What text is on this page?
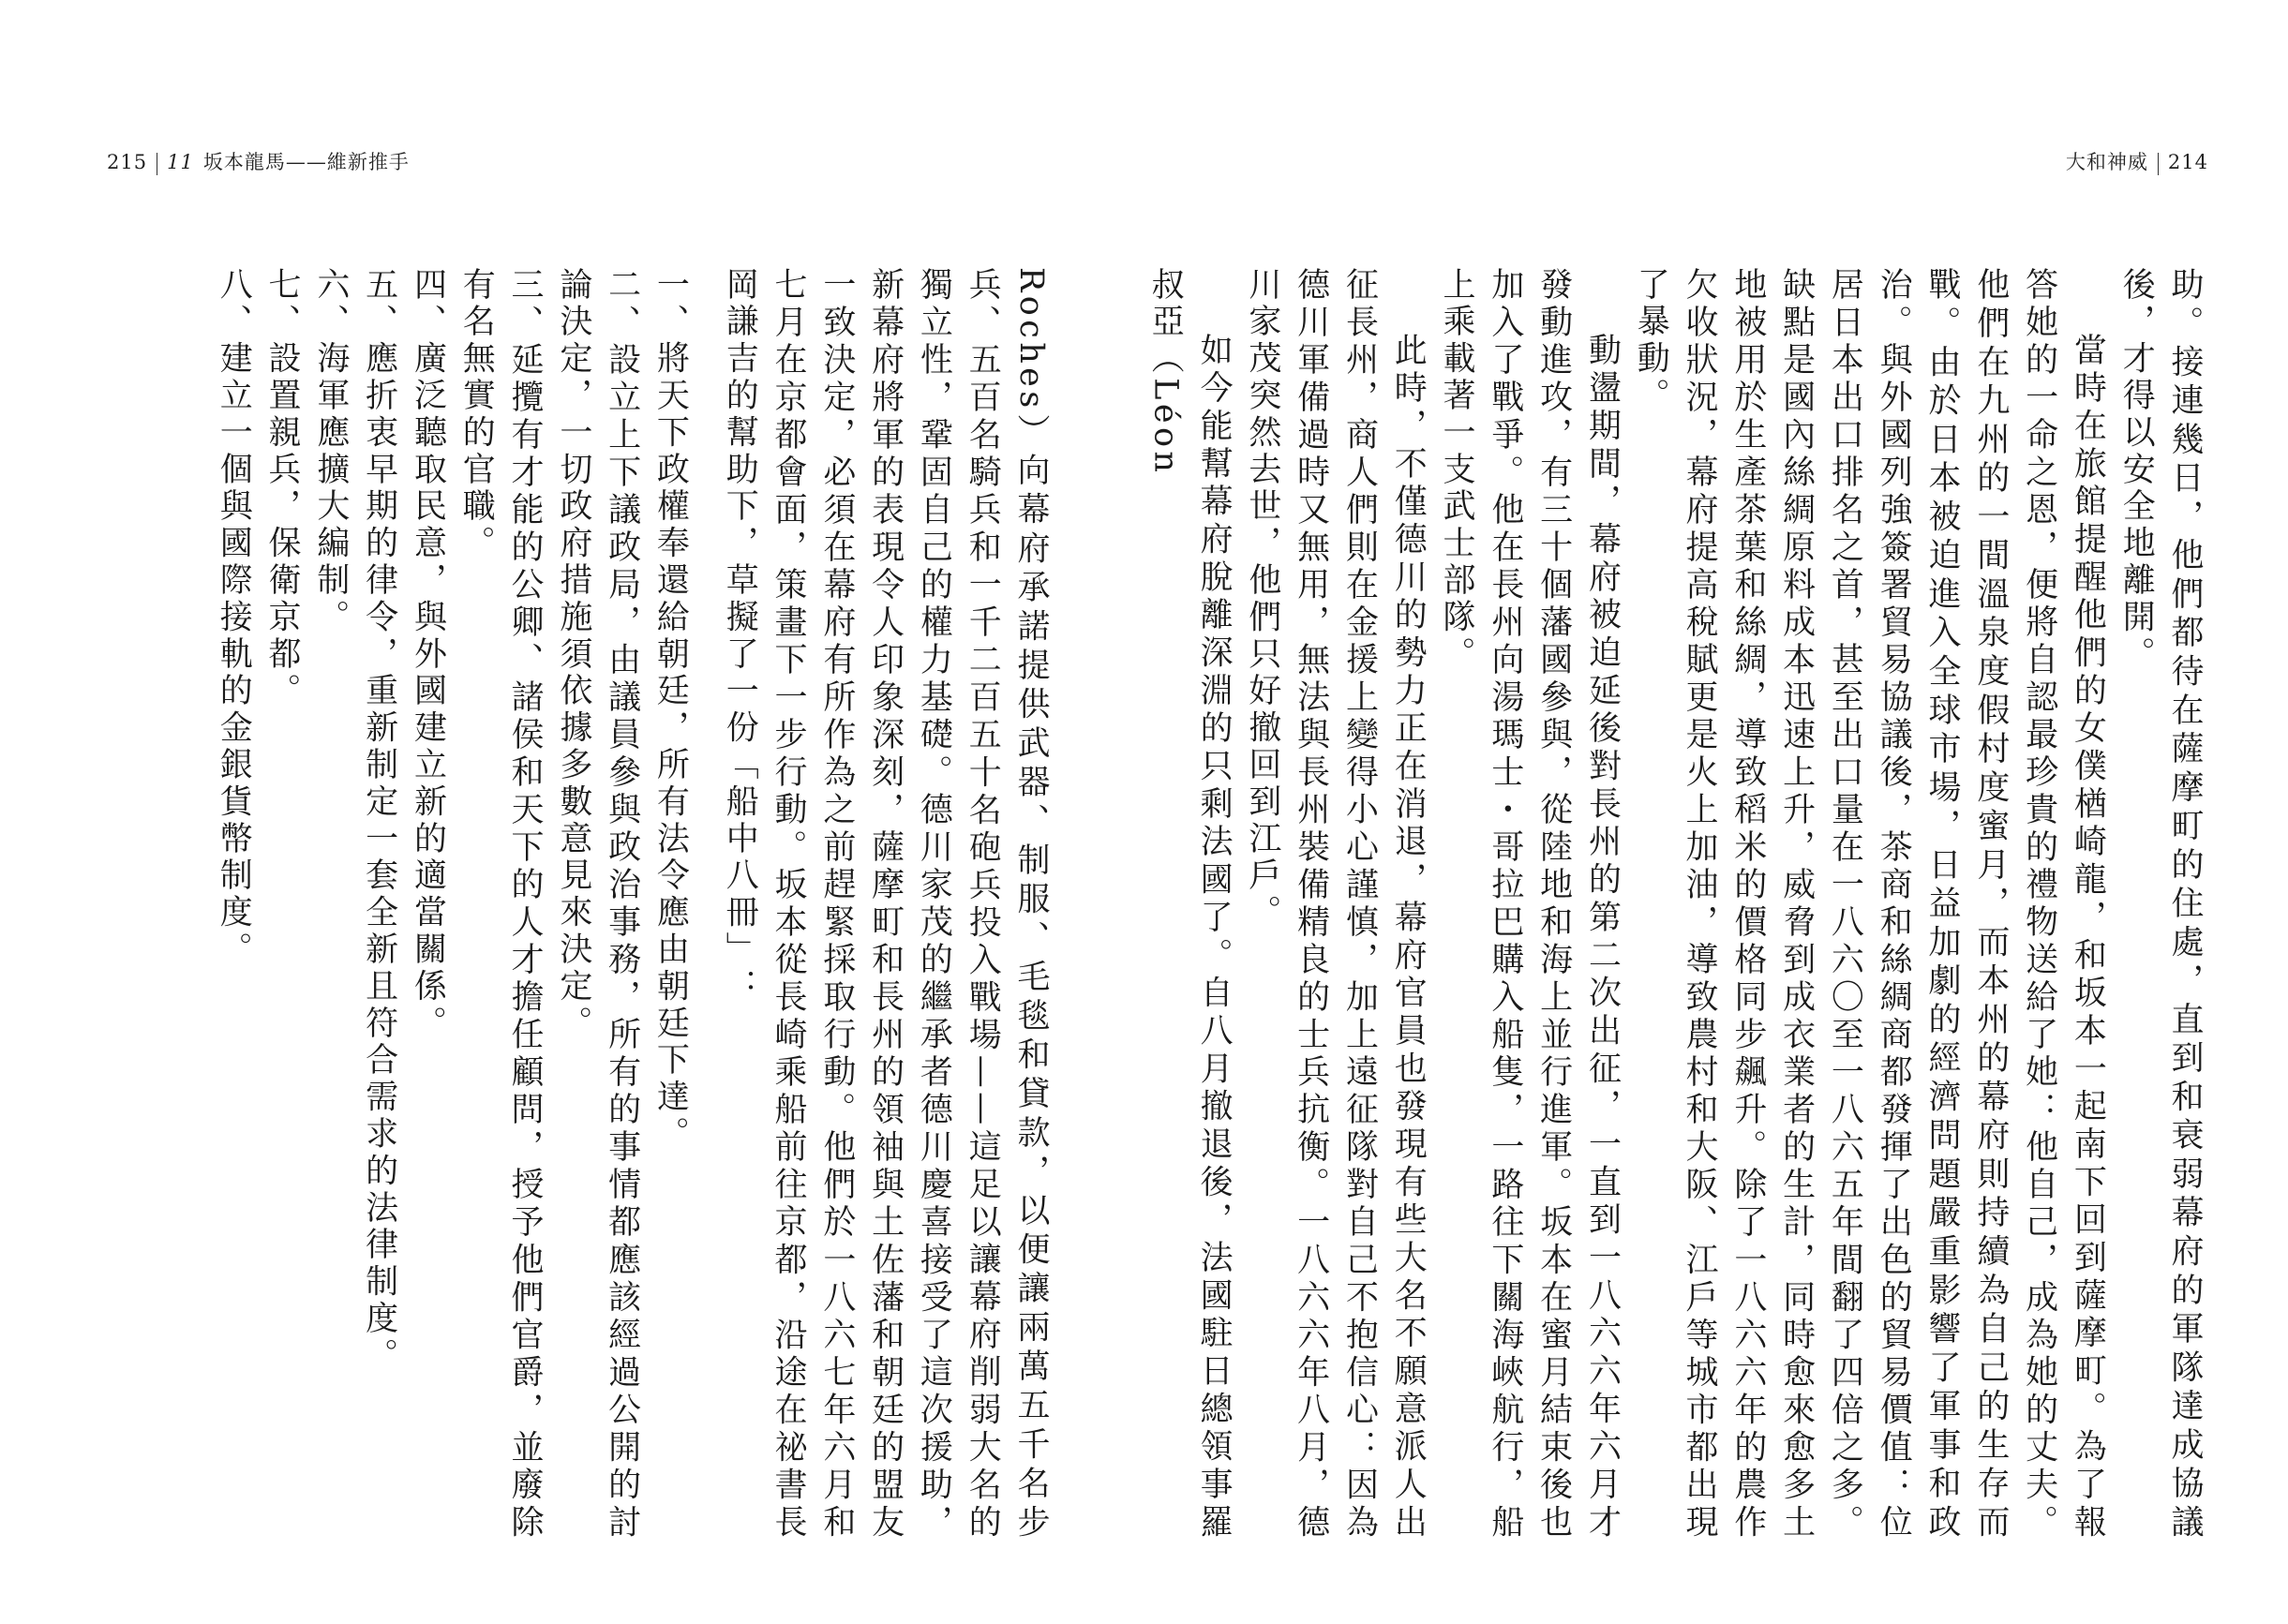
215 11 坂本龍馬——維新推手

Roches）向幕府承諾提供武器、制服、毛毯和貸款，以便讓兩萬五千名步兵、五百名騎兵和一千二百五十名砲兵投入戰場——這足以讓幕府削弱大名的獨立性，鞏固自己的權力基礎。德川家茂的繼承者德川慶喜接受了這次援助，新幕府將軍的表現令人印象深刻，薩摩町和長州的領袖與土佐藩和朝廷的盟友一致決定，必須在幕府有所作為之前趕緊採取行動。他們於一八六七年六月和七月在京都會面，策畫下一步行動。坂本從長崎乘船前往京都，沿途在祕書長岡謙吉的幫助下，草擬了一份「船中八冊」：

一、將天下政權奉還給朝廷，所有法令應由朝廷下達。

二、設立上下議政局，由議員參與政治事務，所有的事情都應該經過公開的討論決定，一切政府措施須依據多數意見來決定。

三、延攬有才能的公卿、諸侯和天下的人才擔任顧問，授予他們官爵，並廢除有名無實的官職。

四、廣泛聽取民意，與外國建立新的適當關係。

五、應折衷早期的律令，重新制定一套全新且符合需求的法律制度。

六、海軍應擴大編制。

七、設置親兵，保衛京都。

八、建立一個與國際接軌的金銀貨幣制度。

大和神威 214

助。接連幾日，他們都待在薩摩町的住處，直到和衰弱幕府的軍隊達成協議後，才得以安全地離開。

當時在旅館提醒他們的女僕楢崎龍，和坂本一起南下回到薩摩町。為了報答她的一命之恩，便將自認最珍貴的禮物送給了她：他自己，成為她的丈夫。他們在九州的一間溫泉度假村度蜜月，而本州的幕府則持續為自己的生存而戰。由於日本被迫進入全球市場，日益加劇的經濟問題嚴重影響了軍事和政治。與外國列強簽署貿易協議後，茶商和絲綢商都發揮了出色的貿易價值：位居日本出口排名之首，甚至出口量在一八六〇至一八六五年間翻了四倍之多。缺點是國內絲綢原料成本迅速上升，威脅到成衣業者的生計，同時愈來愈多土地被用於生產茶葉和絲綢，導致稻米的價格同步飆升。除了一八六六年的農作欠收狀況，幕府提高稅賦更是火上加油，導致農村和大阪、江戶等城市都出現了暴動。

動盪期間，幕府被迫延後對長州的第二次出征，一直到一八六六年六月才發動進攻，有三十個藩國參與，從陸地和海上並行進軍。坂本在蜜月結束後也加入了戰爭。他在長州向湯瑪士・哥拉巴購入船隻，一路往下關海峽航行，船上乘載著一支武士部隊。

此時，不僅德川的勢力正在消退，幕府官員也發現有些大名不願意派人出征長州，商人們則在金援上變得小心謹慎，加上遠征隊對自己不抱信心：因為德川軍備過時又無用，無法與長州裝備精良的士兵抗衡。一八六六年八月，德川家茂突然去世，他們只好撤回到江戶。

如今能幫幕府脫離深淵的只剩法國了。自八月撤退後，法國駐日總領事羅叔亞（Léon
